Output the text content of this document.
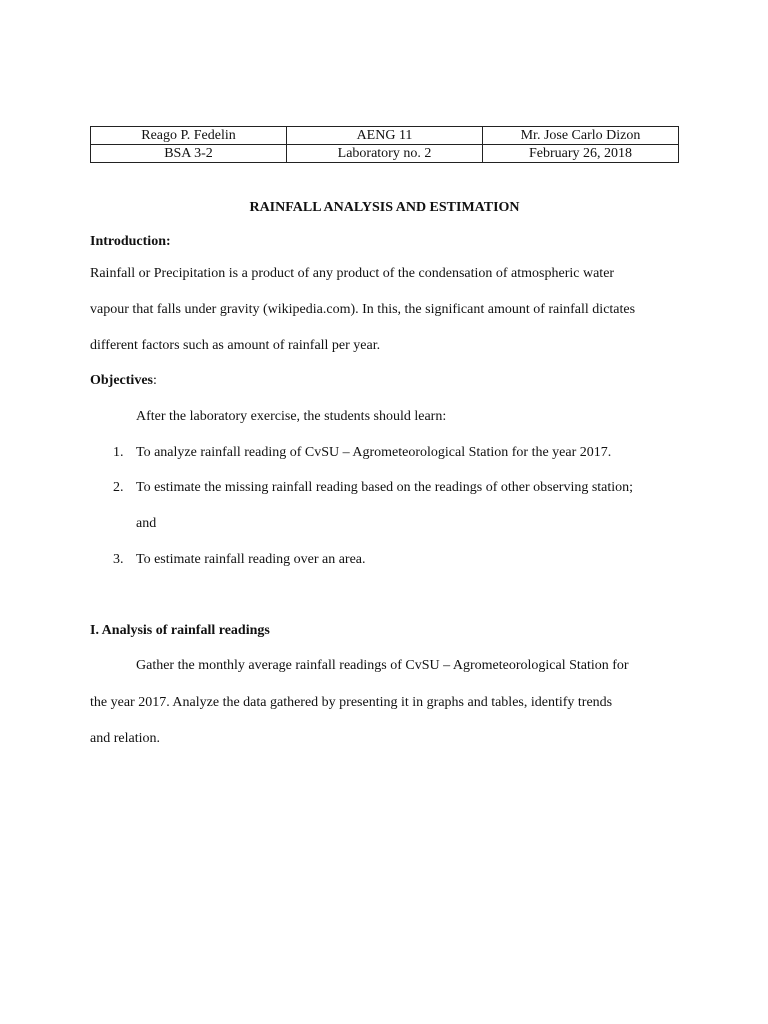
Reago P. Fedelin	AENG 11	Mr. Jose Carlo Dizon
BSA 3-2	Laboratory no. 2	February 26, 2018
RAINFALL ANALYSIS AND ESTIMATION
Introduction:
Rainfall or Precipitation is a product of any product of the condensation of atmospheric water
vapour that falls under gravity (wikipedia.com). In this, the significant amount of rainfall dictates
different factors such as amount of rainfall per year.
Objectives:
After the laboratory exercise, the students should learn:
1. To analyze rainfall reading of CvSU – Agrometeorological Station for the year 2017.
2. To estimate the missing rainfall reading based on the readings of other observing station;
and
3. To estimate rainfall reading over an area.
I. Analysis of rainfall readings
Gather the monthly average rainfall readings of CvSU – Agrometeorological Station for
the year 2017. Analyze the data gathered by presenting it in graphs and tables, identify trends
and relation.
